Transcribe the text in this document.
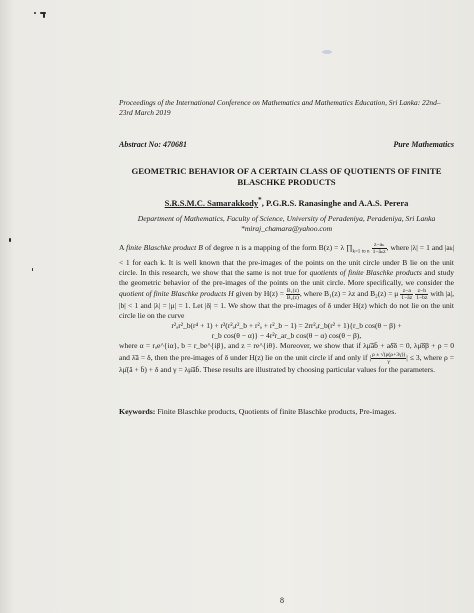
Proceedings of the International Conference on Mathematics and Mathematics Education, Sri Lanka: 22nd–23rd March 2019
Abstract No: 470681	Pure Mathematics
GEOMETRIC BEHAVIOR OF A CERTAIN CLASS OF QUOTIENTS OF FINITE BLASCHKE PRODUCTS
S.R.S.M.C. Samarakkody*, P.G.R.S. Ranasinghe and A.A.S. Perera
Department of Mathematics, Faculty of Science, University of Peradeniya, Peradeniya, Sri Lanka
*miraj_chamara@yahoo.com

A finite Blaschke product B of degree n is a mapping of the form B(z) = λ $\prod_{k=1 to n} \frac{\text{z−aₖ}}{\text{1−āₖz}}$ , where |λ| = 1 and |aₖ| < 1 for each k. It is well known that the pre-images of the points on the unit circle under B lie on the unit circle. In this research, we show that the same is not true for quotients of finite Blaschke products and study the geometric behavior of the pre-images of the points on the unit circle. More specifically, we consider the quotient of finite Blaschke products H given by $H(z) = \frac{\text{B₁(z)}}{\text{B₂(z)}}$ , where B₁(z) = λz and B₂(z) = μ $\frac{z-a}{1-āz}$
$\frac{z-b}{1-b̄z}$ with |a|, |b| < 1 and |λ| = |μ| = 1. Let |δ| = 1. We show that the pre-images of δ under H(z) which do not lie on the unit circle lie on the curve

r²ₐr²_b(r⁴ + 1) + r²(r²ₐr²_b + r²ₐ + r²_b − 1) = 2rr²ₐr_b(r² + 1){r_b cos(θ − β) +
r_b cos(θ − α)} − 4r²r_ar_b cos(θ − α) cos(θ − β),

where α = rₐe^{iα}, b = r_be^{iβ}, and z = re^{iθ}. Moreover, we show that if λμ̄āb̄ + aδ̄δ = 0, λμ̄δ̄β + ρ = 0 and λ̄ā = δ, then the pre-images of δ under H(z) lie on the unit circle if and only if | $\frac{\rho \pm √(\rho(\rho+3\gamma))}{\gamma}$ | ≤ 3, where ρ = λμ̄(ā + b̄) + δ and γ = λμ̄āb̄. These results are illustrated by choosing particular values for the parameters.

Keywords: Finite Blaschke products, Quotients of finite Blaschke products, Pre-images.
8
